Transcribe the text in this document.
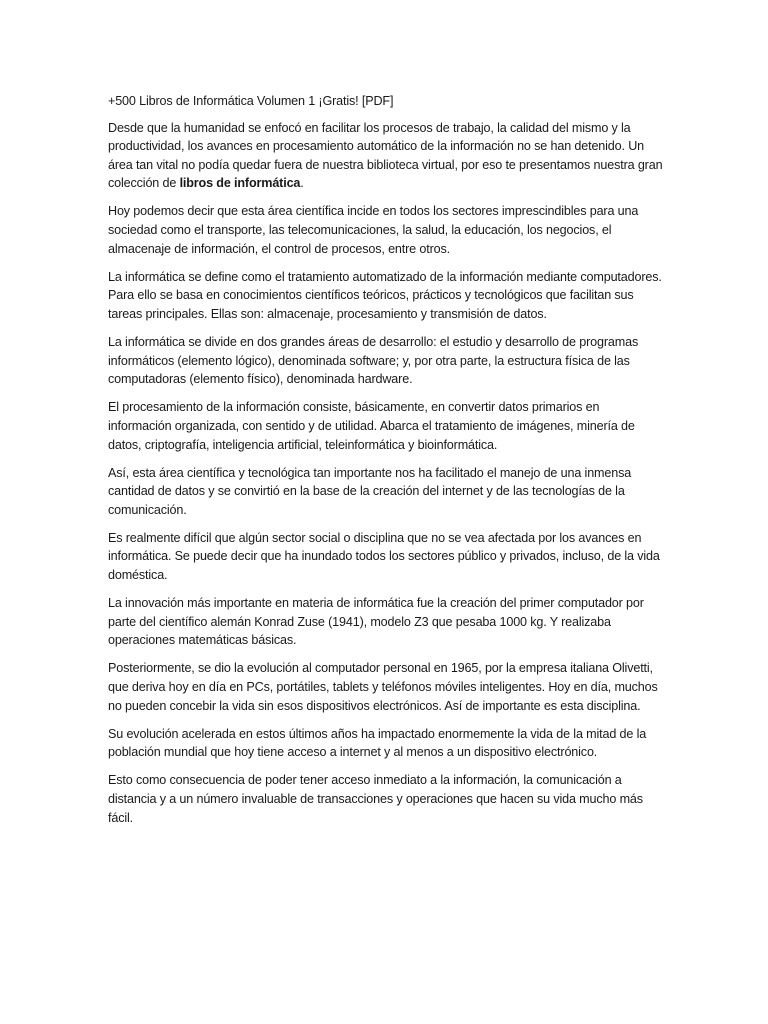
+500 Libros de Informática Volumen 1 ¡Gratis! [PDF]

Desde que la humanidad se enfocó en facilitar los procesos de trabajo, la calidad del mismo y la productividad, los avances en procesamiento automático de la información no se han detenido. Un área tan vital no podía quedar fuera de nuestra biblioteca virtual, por eso te presentamos nuestra gran colección de libros de informática.

Hoy podemos decir que esta área científica incide en todos los sectores imprescindibles para una sociedad como el transporte, las telecomunicaciones, la salud, la educación, los negocios, el almacenaje de información, el control de procesos, entre otros.

La informática se define como el tratamiento automatizado de la información mediante computadores. Para ello se basa en conocimientos científicos teóricos, prácticos y tecnológicos que facilitan sus tareas principales. Ellas son: almacenaje, procesamiento y transmisión de datos.

La informática se divide en dos grandes áreas de desarrollo: el estudio y desarrollo de programas informáticos (elemento lógico), denominada software; y, por otra parte, la estructura física de las computadoras (elemento físico), denominada hardware.

El procesamiento de la información consiste, básicamente, en convertir datos primarios en información organizada, con sentido y de utilidad. Abarca el tratamiento de imágenes, minería de datos, criptografía, inteligencia artificial, teleinformática y bioinformática.

Así, esta área científica y tecnológica tan importante nos ha facilitado el manejo de una inmensa cantidad de datos y se convirtió en la base de la creación del internet y de las tecnologías de la comunicación.

Es realmente difícil que algún sector social o disciplina que no se vea afectada por los avances en informática. Se puede decir que ha inundado todos los sectores público y privados, incluso, de la vida doméstica.

La innovación más importante en materia de informática fue la creación del primer computador por parte del científico alemán Konrad Zuse (1941), modelo Z3 que pesaba 1000 kg. Y realizaba operaciones matemáticas básicas.

Posteriormente, se dio la evolución al computador personal en 1965, por la empresa italiana Olivetti, que deriva hoy en día en PCs, portátiles, tablets y teléfonos móviles inteligentes. Hoy en día, muchos no pueden concebir la vida sin esos dispositivos electrónicos. Así de importante es esta disciplina.

Su evolución acelerada en estos últimos años ha impactado enormemente la vida de la mitad de la población mundial que hoy tiene acceso a internet y al menos a un dispositivo electrónico.

Esto como consecuencia de poder tener acceso inmediato a la información, la comunicación a distancia y a un número invaluable de transacciones y operaciones que hacen su vida mucho más fácil.
